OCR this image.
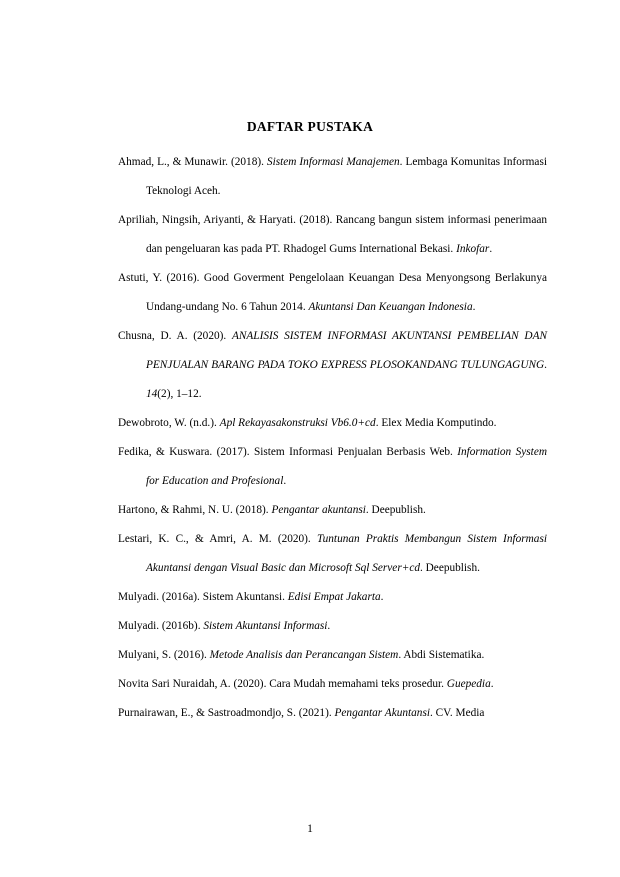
DAFTAR PUSTAKA

Ahmad, L., & Munawir. (2018). Sistem Informasi Manajemen. Lembaga Komunitas Informasi Teknologi Aceh.

Apriliah, Ningsih, Ariyanti, & Haryati. (2018). Rancang bangun sistem informasi penerimaan dan pengeluaran kas pada PT. Rhadogel Gums International Bekasi. Inkofar.

Astuti, Y. (2016). Good Goverment Pengelolaan Keuangan Desa Menyongsong Berlakunya Undang-undang No. 6 Tahun 2014. Akuntansi Dan Keuangan Indonesia.

Chusna, D. A. (2020). ANALISIS SISTEM INFORMASI AKUNTANSI PEMBELIAN DAN PENJUALAN BARANG PADA TOKO EXPRESS PLOSOKANDANG TULUNGAGUNG. 14(2), 1–12.

Dewobroto, W. (n.d.). Apl Rekayasakonstruksi Vb6.0+cd. Elex Media Komputindo.

Fedika, & Kuswara. (2017). Sistem Informasi Penjualan Berbasis Web. Information System for Education and Profesional.

Hartono, & Rahmi, N. U. (2018). Pengantar akuntansi. Deepublish.

Lestari, K. C., & Amri, A. M. (2020). Tuntunan Praktis Membangun Sistem Informasi Akuntansi dengan Visual Basic dan Microsoft Sql Server+cd. Deepublish.

Mulyadi. (2016a). Sistem Akuntansi. Edisi Empat Jakarta.

Mulyadi. (2016b). Sistem Akuntansi Informasi.

Mulyani, S. (2016). Metode Analisis dan Perancangan Sistem. Abdi Sistematika.

Novita Sari Nuraidah, A. (2020). Cara Mudah memahami teks prosedur. Guepedia.

Purnairawan, E., & Sastroadmondjo, S. (2021). Pengantar Akuntansi. CV. Media

1
